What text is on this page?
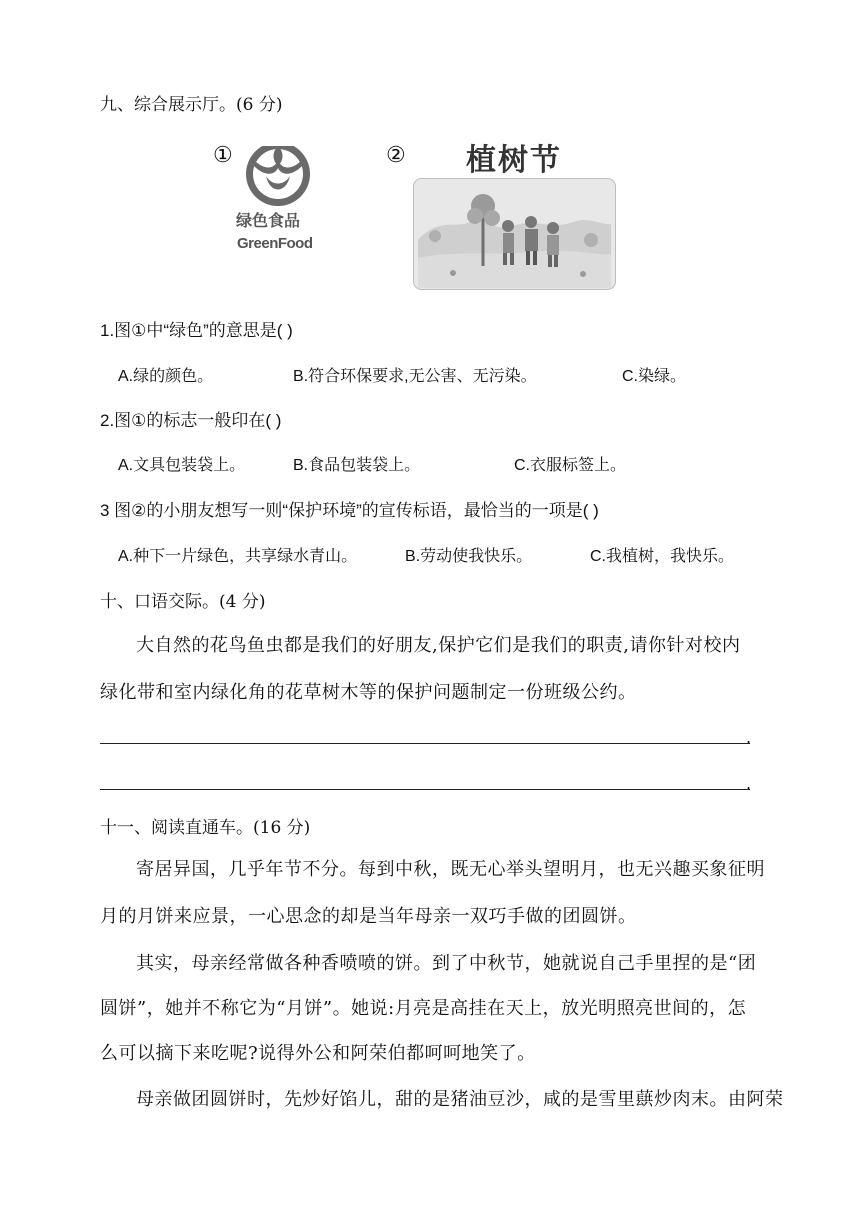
九、综合展示厅。(6 分)
①
绿色食品
GreenFood
② 植树节
1.图①中“绿色”的意思是( )
A.绿的颜色。	B.符合环保要求,无公害、无污染。	C.染绿。
2.图①的标志一般印在( )
A.文具包装袋上。	B.食品包装袋上。	C.衣服标签上。
3 图②的小朋友想写一则“保护环境”的宣传标语，最恰当的一项是( )
A.种下一片绿色，共享绿水青山。	B.劳动使我快乐。	C.我植树，我快乐。
十、口语交际。(4 分)
大自然的花鸟鱼虫都是我们的好朋友,保护它们是我们的职责,请你针对校内
绿化带和室内绿化角的花草树木等的保护问题制定一份班级公约。
.
.
十一、阅读直通车。(16 分)
寄居异国，几乎年节不分。每到中秋，既无心举头望明月，也无兴趣买象征明
月的月饼来应景，一心思念的却是当年母亲一双巧手做的团圆饼。
其实，母亲经常做各种香喷喷的饼。到了中秋节，她就说自己手里捏的是“团
圆饼”，她并不称它为“月饼”。她说:月亮是高挂在天上，放光明照亮世间的，怎
么可以摘下来吃呢?说得外公和阿荣伯都呵呵地笑了。
母亲做团圆饼时，先炒好馅儿，甜的是猪油豆沙，咸的是雪里蕻炒肉末。由阿荣
